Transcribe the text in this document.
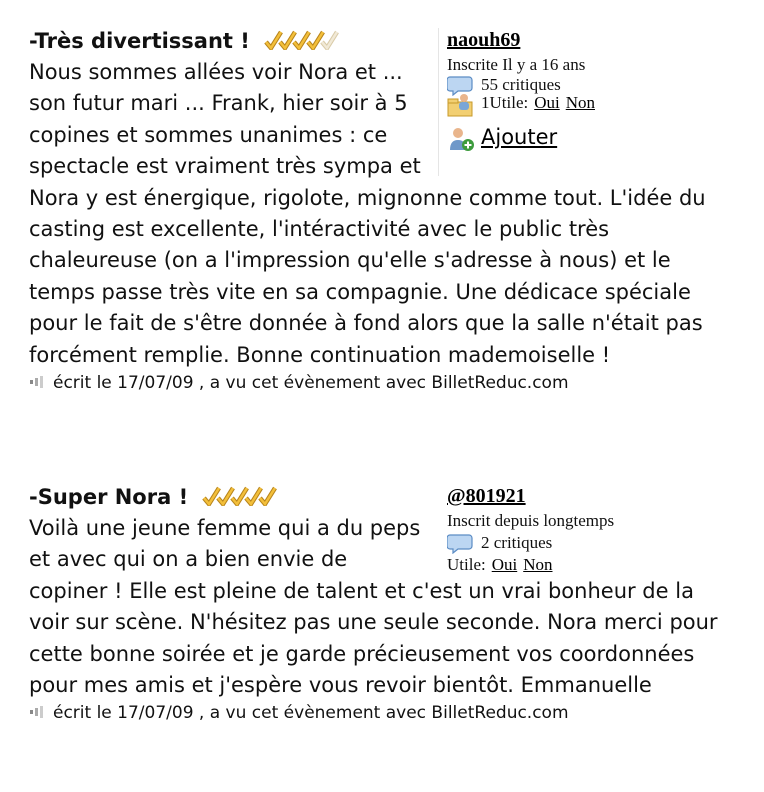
naouh69
Inscrite Il y a 16 ans
55 critiques
1Utile: Oui Non
Ajouter
-Très divertissant !
Nous sommes allées voir Nora et ... son futur mari ... Frank, hier soir à 5 copines et sommes unanimes : ce spectacle est vraiment très sympa et Nora y est énergique, rigolote, mignonne comme tout. L'idée du casting est excellente, l'intéractivité avec le public très chaleureuse (on a l'impression qu'elle s'adresse à nous) et le temps passe très vite en sa compagnie. Une dédicace spéciale pour le fait de s'être donnée à fond alors que la salle n'était pas forcément remplie. Bonne continuation mademoiselle !
écrit le 17/07/09 , a vu cet évènement avec BilletReduc.com
@801921
Inscrit depuis longtemps
2 critiques
Utile: Oui Non
-Super Nora !
Voilà une jeune femme qui a du peps et avec qui on a bien envie de copiner ! Elle est pleine de talent et c'est un vrai bonheur de la voir sur scène. N'hésitez pas une seule seconde. Nora merci pour cette bonne soirée et je garde précieusement vos coordonnées pour mes amis et j'espère vous revoir bientôt. Emmanuelle
écrit le 17/07/09 , a vu cet évènement avec BilletReduc.com
